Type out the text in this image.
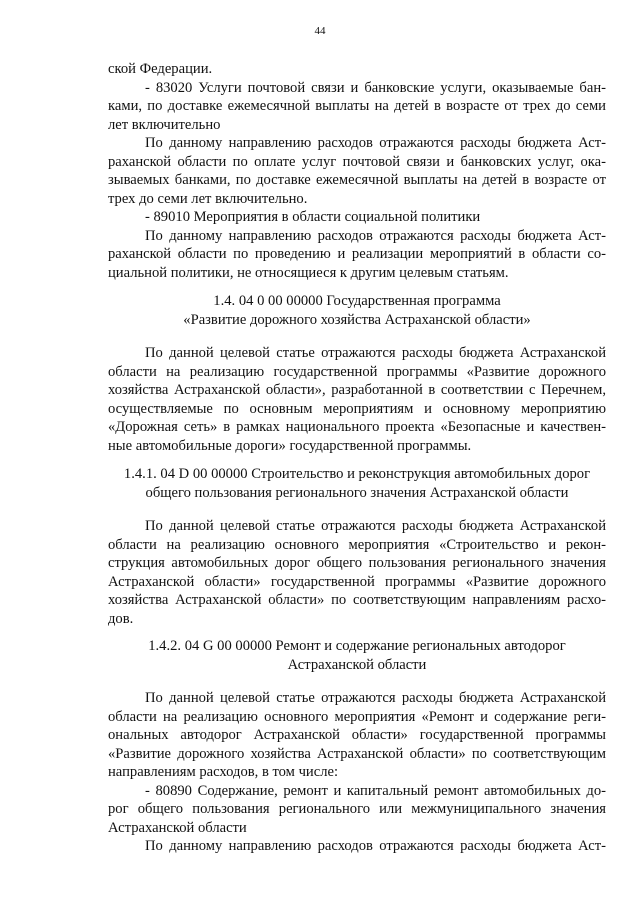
44
ской Федерации.
- 83020 Услуги почтовой связи и банковские услуги, оказываемые бан-
ками, по доставке ежемесячной выплаты на детей в возрасте от трех до семи
лет включительно
По данному направлению расходов отражаются расходы бюджета Аст-
раханской области по оплате услуг почтовой связи и банковских услуг, ока-
зываемых банками, по доставке ежемесячной выплаты на детей в возрасте от
трех до семи лет включительно.
- 89010 Мероприятия в области социальной политики
По данному направлению расходов отражаются расходы бюджета Аст-
раханской области по проведению и реализации мероприятий в области со-
циальной политики, не относящиеся к другим целевым статьям.
1.4. 04 0 00 00000 Государственная программа
«Развитие дорожного хозяйства Астраханской области»
По данной целевой статье отражаются расходы бюджета Астраханской
области на реализацию государственной программы «Развитие дорожного
хозяйства Астраханской области», разработанной в соответствии с Перечнем,
осуществляемые по основным мероприятиям и основному мероприятию
«Дорожная сеть» в рамках национального проекта «Безопасные и качествен-
ные автомобильные дороги» государственной программы.
1.4.1. 04 D 00 00000 Строительство и реконструкция автомобильных дорог
общего пользования регионального значения Астраханской области
По данной целевой статье отражаются расходы бюджета Астраханской
области на реализацию основного мероприятия «Строительство и рекон-
струкция автомобильных дорог общего пользования регионального значения
Астраханской области» государственной программы «Развитие дорожного
хозяйства Астраханской области» по соответствующим направлениям расхо-
дов.
1.4.2. 04 G 00 00000 Ремонт и содержание региональных автодорог
Астраханской области
По данной целевой статье отражаются расходы бюджета Астраханской
области на реализацию основного мероприятия «Ремонт и содержание реги-
ональных автодорог Астраханской области» государственной программы
«Развитие дорожного хозяйства Астраханской области» по соответствующим
направлениям расходов, в том числе:
- 80890 Содержание, ремонт и капитальный ремонт автомобильных до-
рог общего пользования регионального или межмуниципального значения
Астраханской области
По данному направлению расходов отражаются расходы бюджета Аст-
